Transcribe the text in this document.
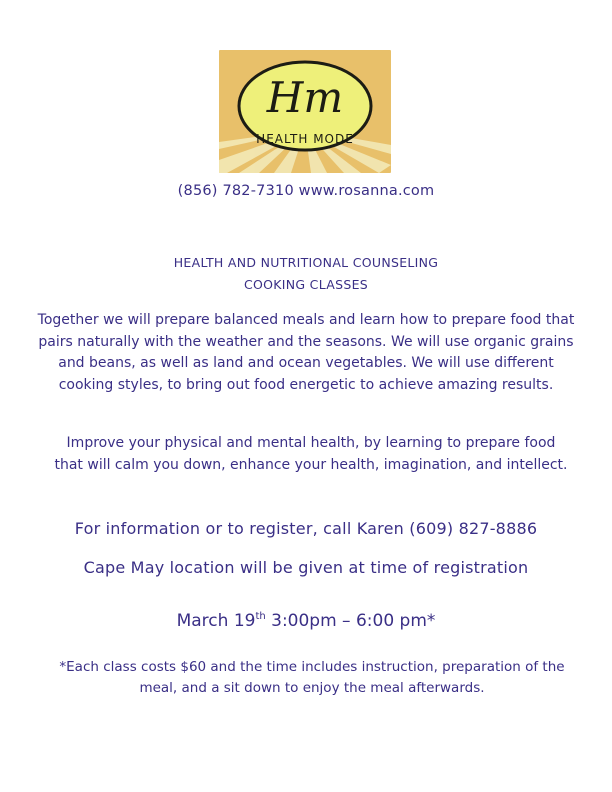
Hm
HEALTH MODE
(856) 782-7310 www.rosanna.com
HEALTH AND NUTRITIONAL COUNSELING
COOKING CLASSES
Together we will prepare balanced meals and learn how to prepare food that pairs naturally with the weather and the seasons. We will use organic grains and beans, as well as land and ocean vegetables. We will use different cooking styles, to bring out food energetic to achieve amazing results.
Improve your physical and mental health, by learning to prepare food that will calm you down, enhance your health, imagination, and intellect.
For information or to register, call Karen (609) 827-8886
Cape May location will be given at time of registration
March 19th 3:00pm – 6:00 pm*
*Each class costs $60 and the time includes instruction, preparation of the meal, and a sit down to enjoy the meal afterwards.
